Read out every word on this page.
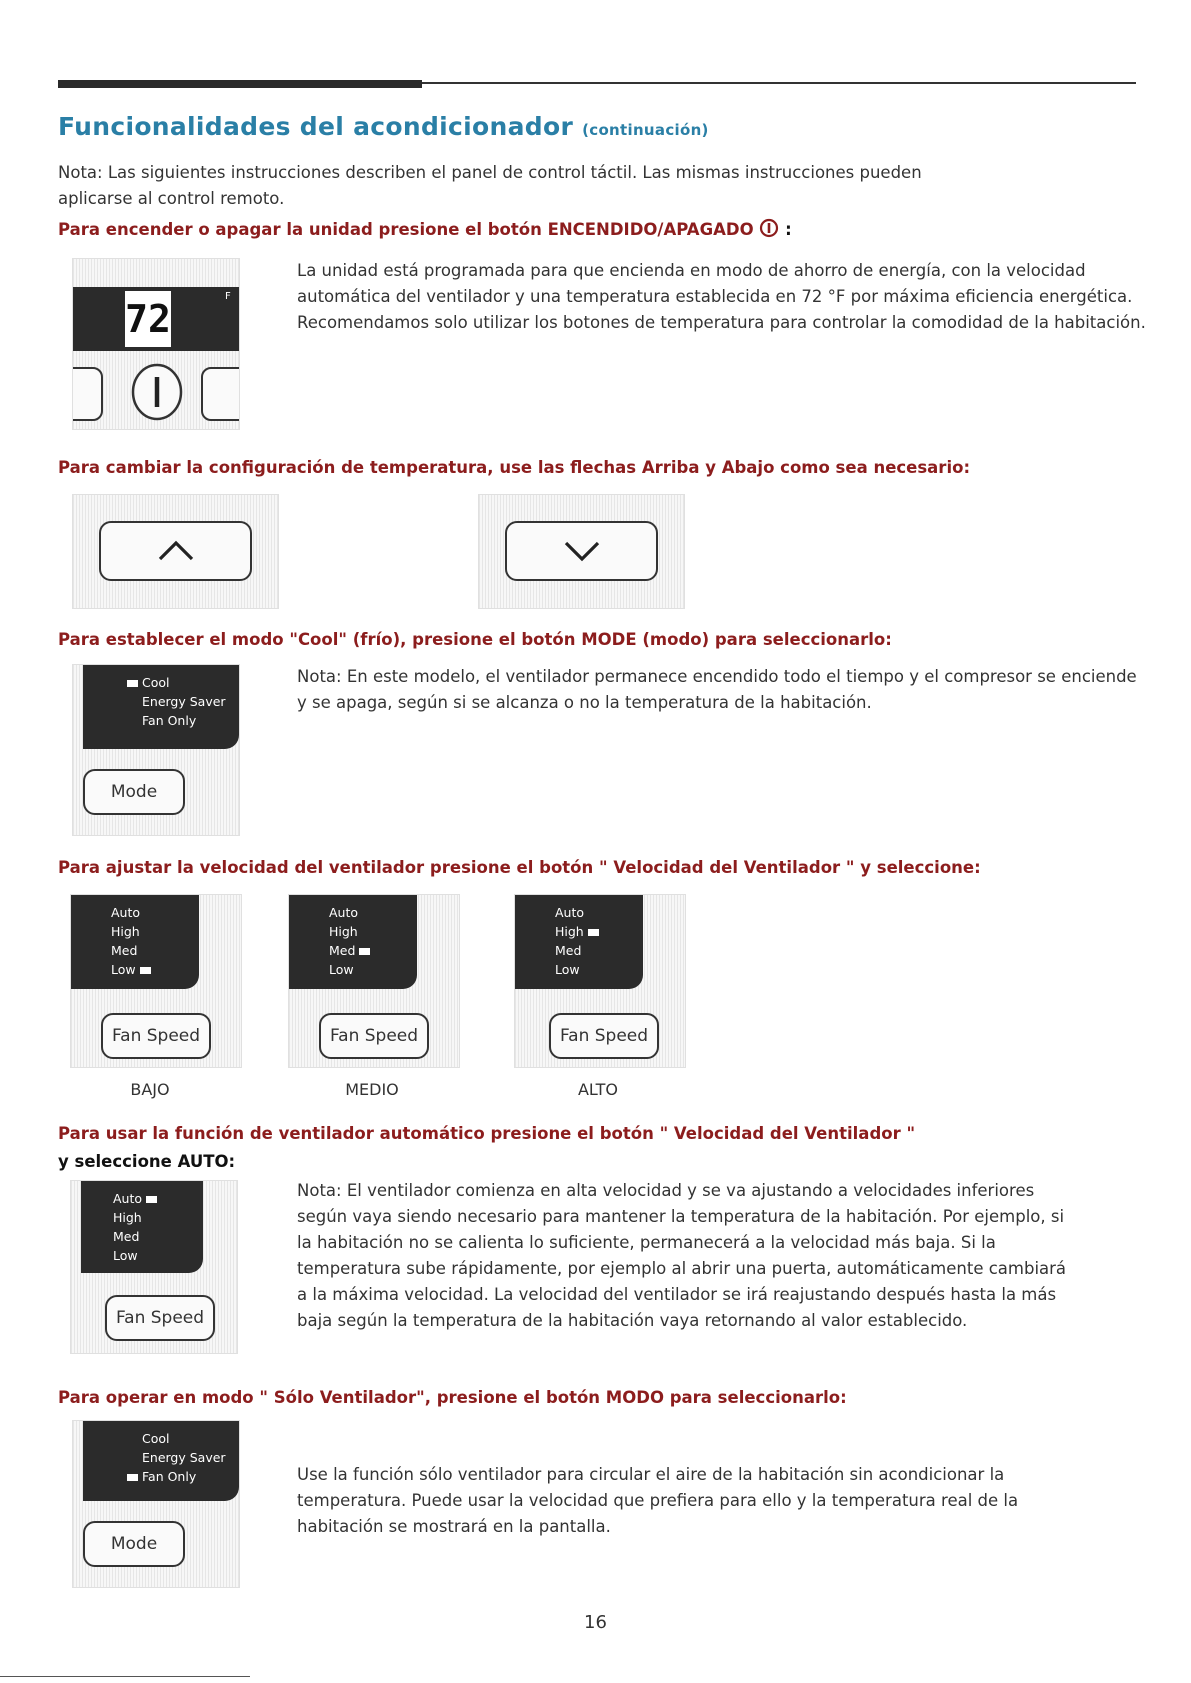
Funcionalidades del acondicionador (continuación)
Nota: Las siguientes instrucciones describen el panel de control táctil. Las mismas instrucciones pueden aplicarse al control remoto.
Para encender o apagar la unidad presione el botón ENCENDIDO/APAGADO :
72
F
La unidad está programada para que encienda en modo de ahorro de energía, con la velocidad automática del ventilador y una temperatura establecida en 72 °F por máxima eficiencia energética. Recomendamos solo utilizar los botones de temperatura para controlar la comodidad de la habitación.
Para cambiar la configuración de temperatura, use las flechas Arriba y Abajo como sea necesario:
Para establecer el modo "Cool" (frío), presione el botón MODE (modo) para seleccionarlo:
Cool
Energy Saver
Fan Only
Mode
Nota: En este modelo, el ventilador permanece encendido todo el tiempo y el compresor se enciende y se apaga, según si se alcanza o no la temperatura de la habitación.
Para ajustar la velocidad del ventilador presione el botón " Velocidad del Ventilador " y seleccione:
Auto
High
Med
Low
Fan Speed
Auto
High
Med
Low
Fan Speed
Auto
High
Med
Low
Fan Speed
BAJO	MEDIO	ALTO
Para usar la función de ventilador automático presione el botón " Velocidad del Ventilador "
y seleccione AUTO:
Auto
High
Med
Low
Fan Speed
Nota: El ventilador comienza en alta velocidad y se va ajustando a velocidades inferiores según vaya siendo necesario para mantener la temperatura de la habitación. Por ejemplo, si la habitación no se calienta lo suficiente, permanecerá a la velocidad más baja. Si la temperatura sube rápidamente, por ejemplo al abrir una puerta, automáticamente cambiará a la máxima velocidad. La velocidad del ventilador se irá reajustando después hasta la más baja según la temperatura de la habitación vaya retornando al valor establecido.
Para operar en modo " Sólo Ventilador", presione el botón MODO para seleccionarlo:
Cool
Energy Saver
Fan Only
Mode
Use la función sólo ventilador para circular el aire de la habitación sin acondicionar la temperatura. Puede usar la velocidad que prefiera para ello y la temperatura real de la habitación se mostrará en la pantalla.
16
